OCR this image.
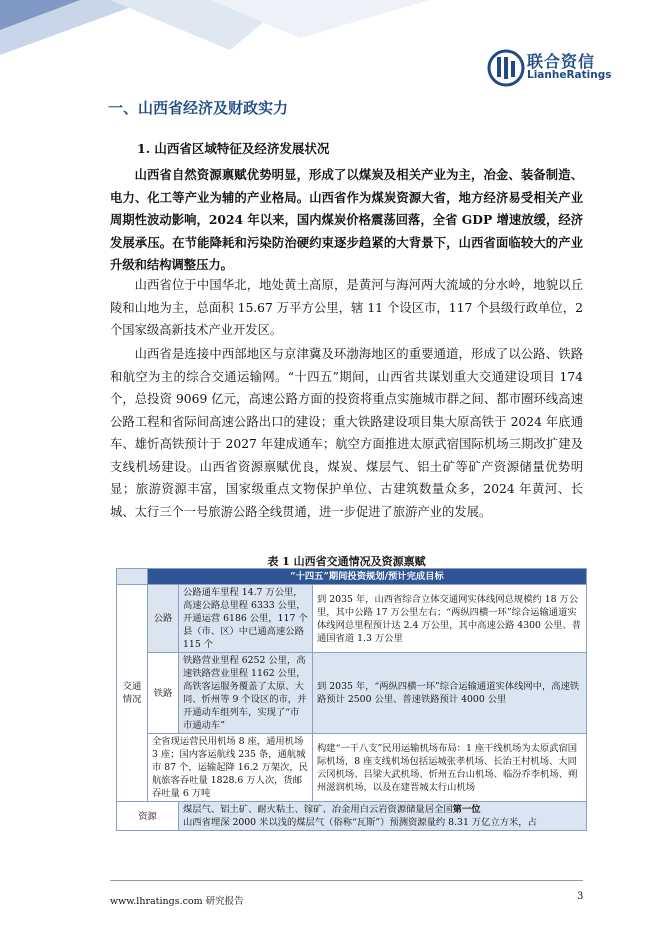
联合资信
LianheRatings
一、山西省经济及财政实力
1. 山西省区域特征及经济发展状况

山西省自然资源禀赋优势明显，形成了以煤炭及相关产业为主，冶金、装备制造、电力、化工等产业为辅的产业格局。山西省作为煤炭资源大省，地方经济易受相关产业周期性波动影响，2024 年以来，国内煤炭价格震荡回落，全省 GDP 增速放缓，经济发展承压。在节能降耗和污染防治硬约束逐步趋紧的大背景下，山西省面临较大的产业升级和结构调整压力。

山西省位于中国华北，地处黄土高原，是黄河与海河两大流域的分水岭，地貌以丘陵和山地为主，总面积 15.67 万平方公里，辖 11 个设区市，117 个县级行政单位，2 个国家级高新技术产业开发区。

山西省是连接中西部地区与京津冀及环渤海地区的重要通道，形成了以公路、铁路和航空为主的综合交通运输网。“十四五”期间，山西省共谋划重大交通建设项目 174 个，总投资 9069 亿元，高速公路方面的投资将重点实施城市群之间、都市圈环线高速公路工程和省际间高速公路出口的建设；重大铁路建设项目集大原高铁于 2024 年底通车、雄忻高铁预计于 2027 年建成通车；航空方面推进太原武宿国际机场三期改扩建及支线机场建设。山西省资源禀赋优良，煤炭、煤层气、铝土矿等矿产资源储量优势明显；旅游资源丰富，国家级重点文物保护单位、古建筑数量众多，2024 年黄河、长城、太行三个一号旅游公路全线贯通，进一步促进了旅游产业的发展。

表 1 山西省交通情况及资源禀赋
	“十四五”期间投资规划/预计完成目标		
交通
情况	公路	公路通车里程 14.7 万公里，高速公路总里程 6333 公里，开通运营 6186 公里，117 个县（市、区）中已通高速公路 115 个	到 2035 年，山西省综合立体交通网实体线网总规模约 18 万公里，其中公路 17 万公里左右；“两纵四横一环”综合运输通道实体线网总里程预计达 2.4 万公里，其中高速公路 4300 公里、普通国省道 1.3 万公里
	铁路	铁路营业里程 6252 公里，高速铁路营业里程 1162 公里，高铁客运服务覆盖了太原、大同、忻州等 9 个设区的市，并开通动车组列车，实现了“市市通动车”	到 2035 年，“两纵四横一环”综合运输通道实体线网中，高速铁路预计 2500 公里、普速铁路预计 4000 公里
	全省现运营民用机场 8 座，通用机场 3 座；国内客运航线 235 条，通航城市 87 个，运输起降 16.2 万架次，民航旅客吞吐量 1828.6 万人次，货邮吞吐量 6 万吨		构建“一干八支”民用运输机场布局：1 座干线机场为太原武宿国际机场，8 座支线机场包括运城张孝机场、长治王村机场、大同云冈机场、吕梁大武机场、忻州五台山机场、临汾乔李机场、朔州滋润机场，以及在建晋城太行山机场
资源		煤层气、铝土矿、耐火粘土、镓矿、冶金用白云岩资源储量居全国第一位
山西省埋深 2000 米以浅的煤层气（俗称“瓦斯”）预测资源量约 8.31 万亿立方米，占	
www.lhratings.com 研究报告	3
